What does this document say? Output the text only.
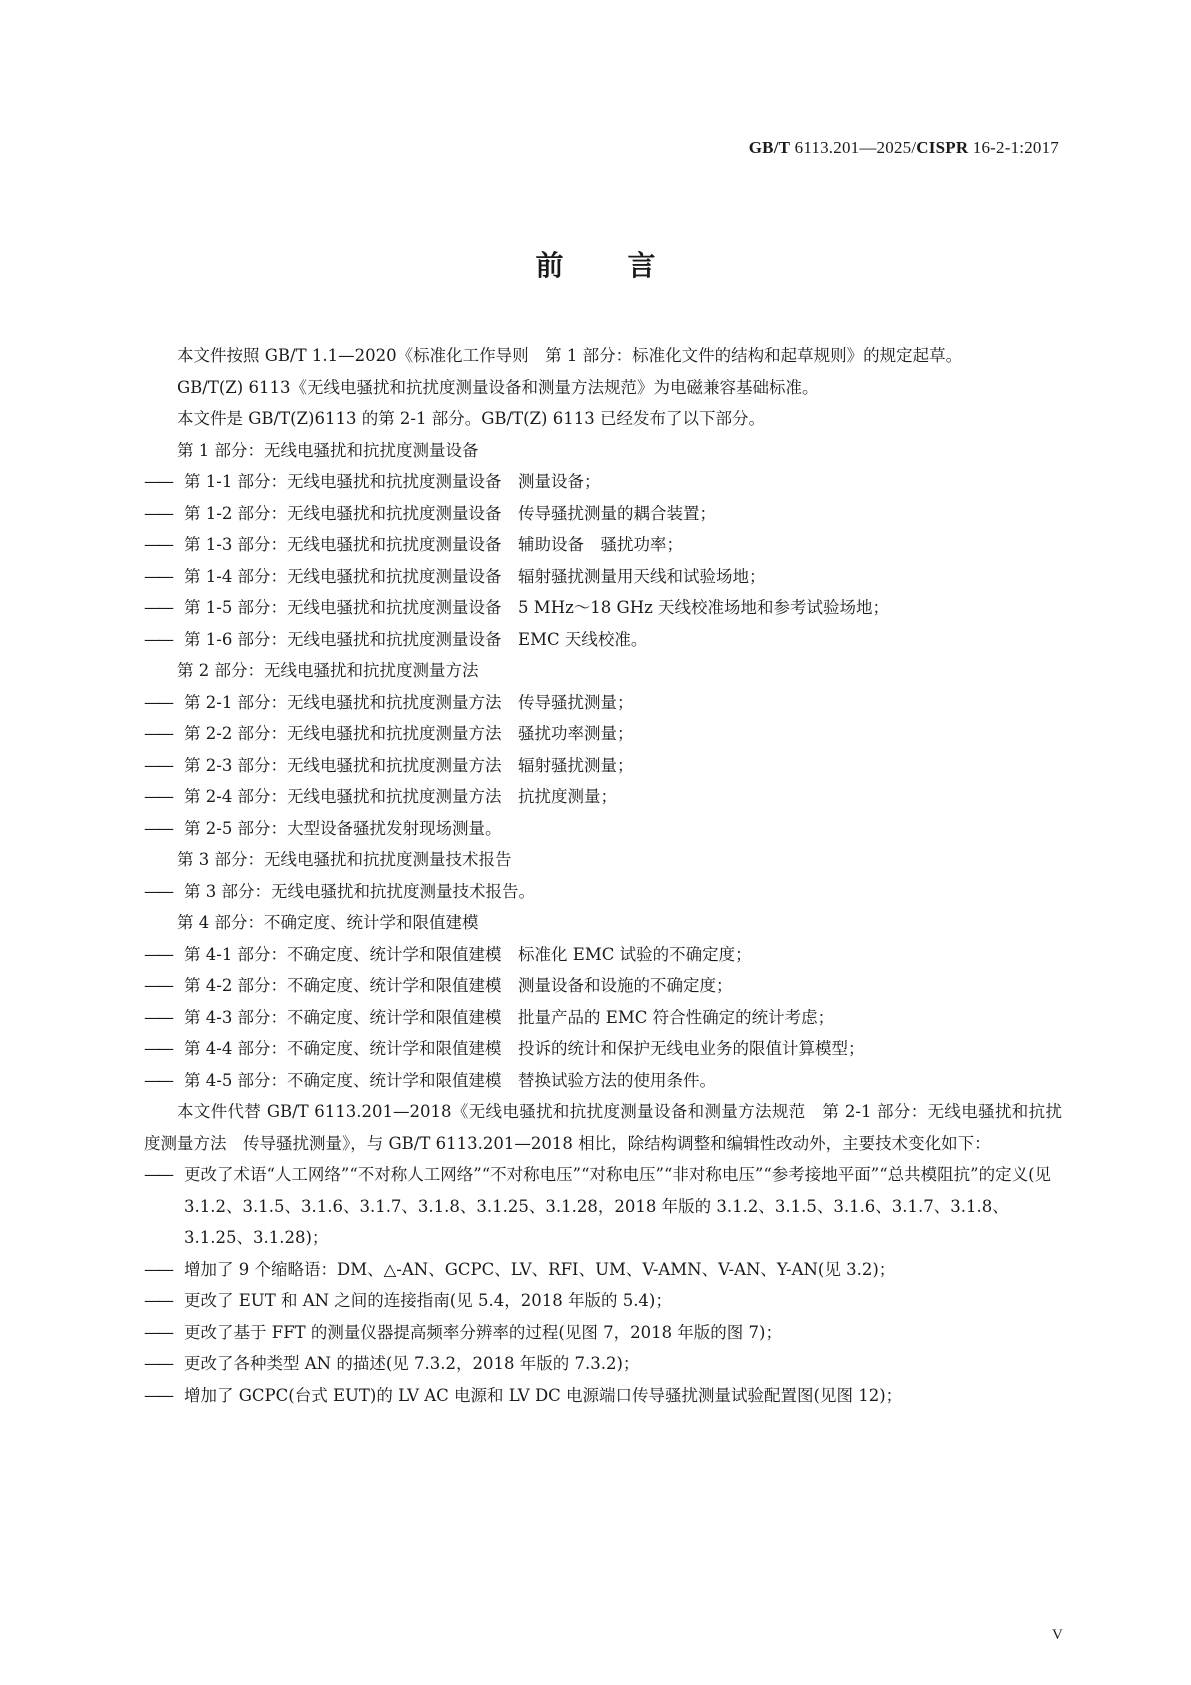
GB/T 6113.201—2025/CISPR 16-2-1:2017
前言

本文件按照 GB/T 1.1—2020《标准化工作导则　第 1 部分：标准化文件的结构和起草规则》的规定起草。

GB/T(Z) 6113《无线电骚扰和抗扰度测量设备和测量方法规范》为电磁兼容基础标准。

本文件是 GB/T(Z)6113 的第 2-1 部分。GB/T(Z) 6113 已经发布了以下部分。

第 1 部分：无线电骚扰和抗扰度测量设备

—— 第 1-1 部分：无线电骚扰和抗扰度测量设备　测量设备；

—— 第 1-2 部分：无线电骚扰和抗扰度测量设备　传导骚扰测量的耦合装置；

—— 第 1-3 部分：无线电骚扰和抗扰度测量设备　辅助设备　骚扰功率；

—— 第 1-4 部分：无线电骚扰和抗扰度测量设备　辐射骚扰测量用天线和试验场地；

—— 第 1-5 部分：无线电骚扰和抗扰度测量设备　5 MHz～18 GHz 天线校准场地和参考试验场地；

—— 第 1-6 部分：无线电骚扰和抗扰度测量设备　EMC 天线校准。

第 2 部分：无线电骚扰和抗扰度测量方法

—— 第 2-1 部分：无线电骚扰和抗扰度测量方法　传导骚扰测量；

—— 第 2-2 部分：无线电骚扰和抗扰度测量方法　骚扰功率测量；

—— 第 2-3 部分：无线电骚扰和抗扰度测量方法　辐射骚扰测量；

—— 第 2-4 部分：无线电骚扰和抗扰度测量方法　抗扰度测量；

—— 第 2-5 部分：大型设备骚扰发射现场测量。

第 3 部分：无线电骚扰和抗扰度测量技术报告

—— 第 3 部分：无线电骚扰和抗扰度测量技术报告。

第 4 部分：不确定度、统计学和限值建模

—— 第 4-1 部分：不确定度、统计学和限值建模　标准化 EMC 试验的不确定度；

—— 第 4-2 部分：不确定度、统计学和限值建模　测量设备和设施的不确定度；

—— 第 4-3 部分：不确定度、统计学和限值建模　批量产品的 EMC 符合性确定的统计考虑；

—— 第 4-4 部分：不确定度、统计学和限值建模　投诉的统计和保护无线电业务的限值计算模型；

—— 第 4-5 部分：不确定度、统计学和限值建模　替换试验方法的使用条件。

本文件代替 GB/T 6113.201—2018《无线电骚扰和抗扰度测量设备和测量方法规范　第 2-1 部分：无线电骚扰和抗扰度测量方法　传导骚扰测量》，与 GB/T 6113.201—2018 相比，除结构调整和编辑性改动外，主要技术变化如下：

—— 更改了术语“人工网络”“不对称人工网络”“不对称电压”“对称电压”“非对称电压”“参考接地平面”“总共模阻抗”的定义(见 3.1.2、3.1.5、3.1.6、3.1.7、3.1.8、3.1.25、3.1.28，2018 年版的 3.1.2、3.1.5、3.1.6、3.1.7、3.1.8、3.1.25、3.1.28)；

—— 增加了 9 个缩略语：DM、△-AN、GCPC、LV、RFI、UM、V-AMN、V-AN、Y-AN(见 3.2)；

—— 更改了 EUT 和 AN 之间的连接指南(见 5.4，2018 年版的 5.4)；

—— 更改了基于 FFT 的测量仪器提高频率分辨率的过程(见图 7，2018 年版的图 7)；

—— 更改了各种类型 AN 的描述(见 7.3.2，2018 年版的 7.3.2)；

—— 增加了 GCPC(台式 EUT)的 LV AC 电源和 LV DC 电源端口传导骚扰测量试验配置图(见图 12)；

V
